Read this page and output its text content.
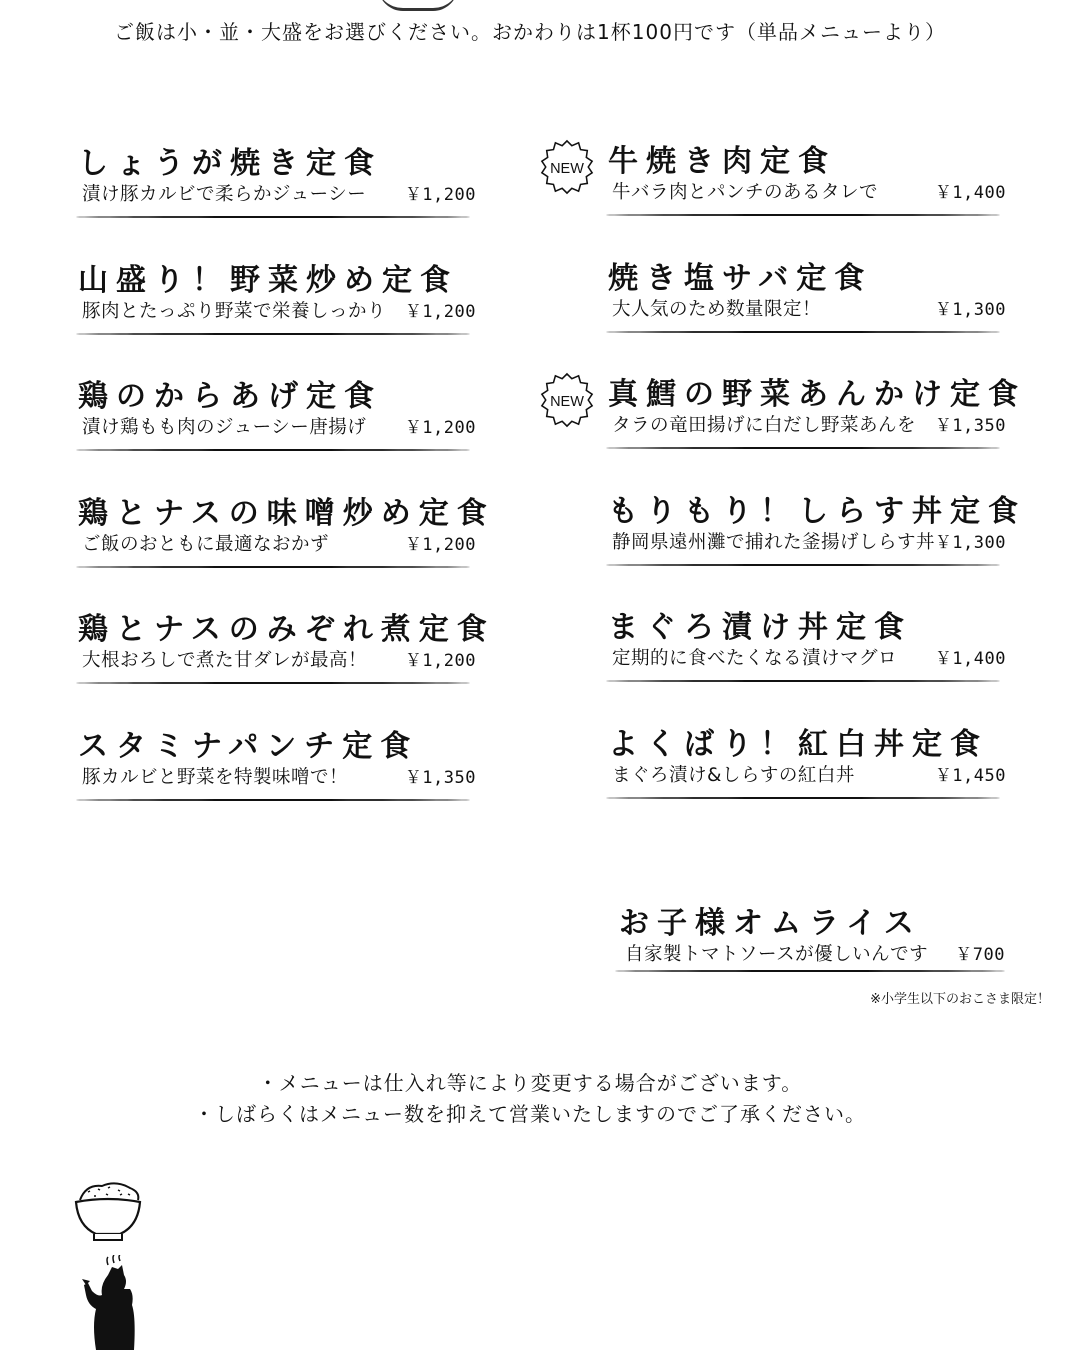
ご飯は小・並・大盛をお選びください。おかわりは1杯100円です（単品メニューより）
しょうが焼き定食
漬け豚カルビで柔らかジューシー ￥1,200
山盛り！野菜炒め定食
豚肉とたっぷり野菜で栄養しっかり ￥1,200
鶏のからあげ定食
漬け鶏もも肉のジューシー唐揚げ ￥1,200
鶏とナスの味噌炒め定食
ご飯のおともに最適なおかず	￥1,200
鶏とナスのみぞれ煮定食
大根おろしで煮た甘ダレが最高！ ￥1,200
スタミナパンチ定食
豚カルビと野菜を特製味噌で！	￥1,350
NEW 牛焼き肉定食
牛バラ肉とパンチのあるタレで	￥1,400
焼き塩サバ定食
大人気のため数量限定！	￥1,300
NEW 真鱈の野菜あんかけ定食
タラの竜田揚げに白だし野菜あんを ￥1,350
もりもり！しらす丼定食
静岡県遠州灘で捕れた釜揚げしらす丼 ￥1,300
まぐろ漬け丼定食
定期的に食べたくなる漬けマグロ ￥1,400
よくばり！紅白丼定食
まぐろ漬け&しらすの紅白丼	￥1,450
お子様オムライス
自家製トマトソースが優しいんです ￥700
※小学生以下のおこさま限定！
・メニューは仕入れ等により変更する場合がございます。
・しばらくはメニュー数を抑えて営業いたしますのでご了承ください。
